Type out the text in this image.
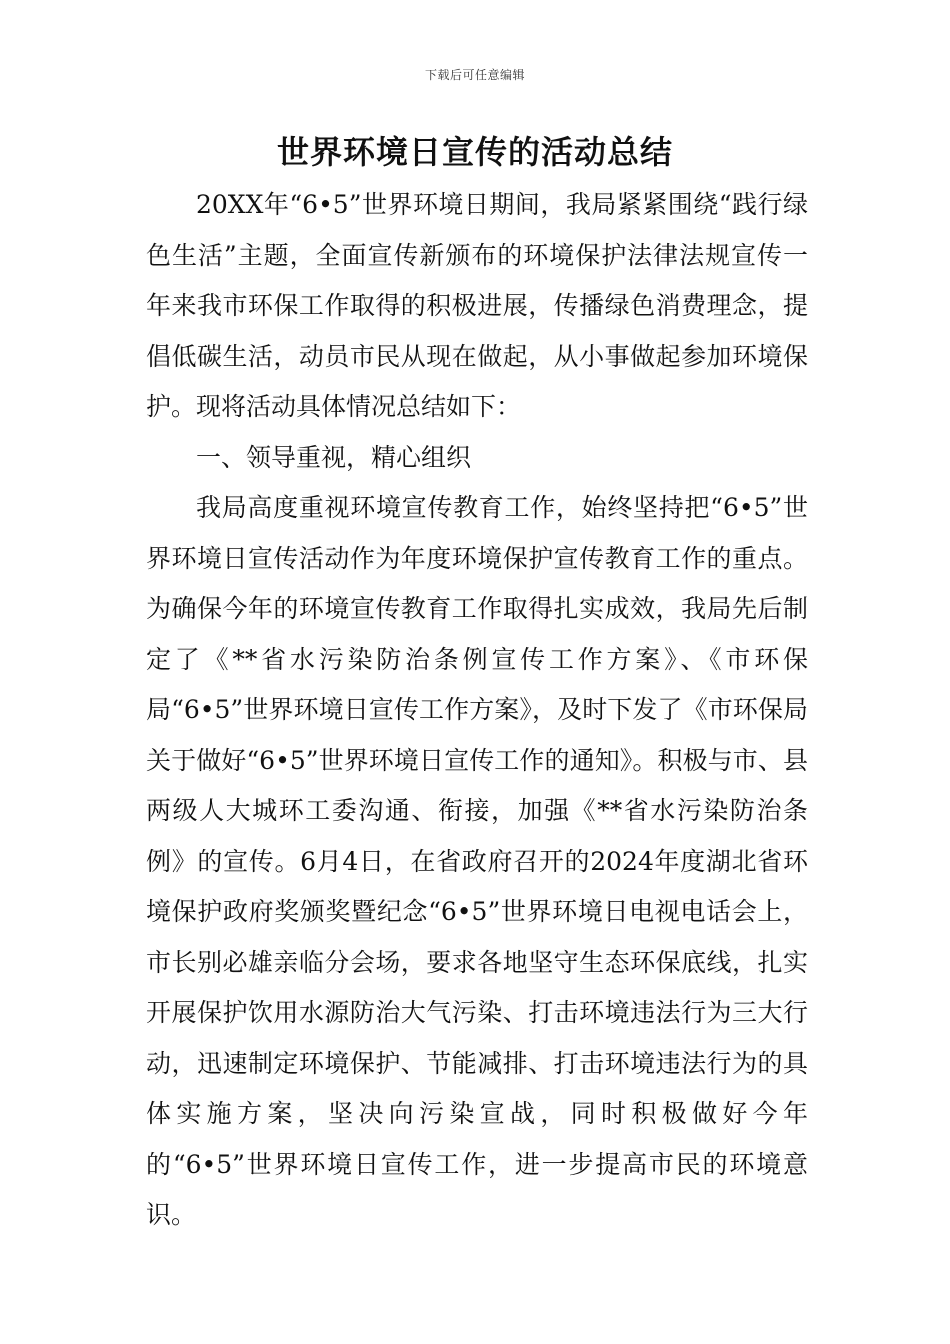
下载后可任意编辑
世界环境日宣传的活动总结

20XX年“6•5”世界环境日期间，我局紧紧围绕“践行绿色生活”主题，全面宣传新颁布的环境保护法律法规宣传一年来我市环保工作取得的积极进展，传播绿色消费理念，提倡低碳生活，动员市民从现在做起，从小事做起参加环境保护。现将活动具体情况总结如下：

一、领导重视，精心组织

我局高度重视环境宣传教育工作，始终坚持把“6•5”世界环境日宣传活动作为年度环境保护宣传教育工作的重点。为确保今年的环境宣传教育工作取得扎实成效，我局先后制定了《**省水污染防治条例宣传工作方案》、《市环保局“6•5”世界环境日宣传工作方案》，及时下发了《市环保局关于做好“6•5”世界环境日宣传工作的通知》。积极与市、县两级人大城环工委沟通、衔接，加强《**省水污染防治条例》的宣传。6月4日，在省政府召开的2024年度湖北省环境保护政府奖颁奖暨纪念“6•5”世界环境日电视电话会上，市长别必雄亲临分会场，要求各地坚守生态环保底线，扎实开展保护饮用水源防治大气污染、打击环境违法行为三大行动，迅速制定环境保护、节能减排、打击环境违法行为的具体实施方案，坚决向污染宣战，同时积极做好今年的“6•5”世界环境日宣传工作，进一步提高市民的环境意识。
